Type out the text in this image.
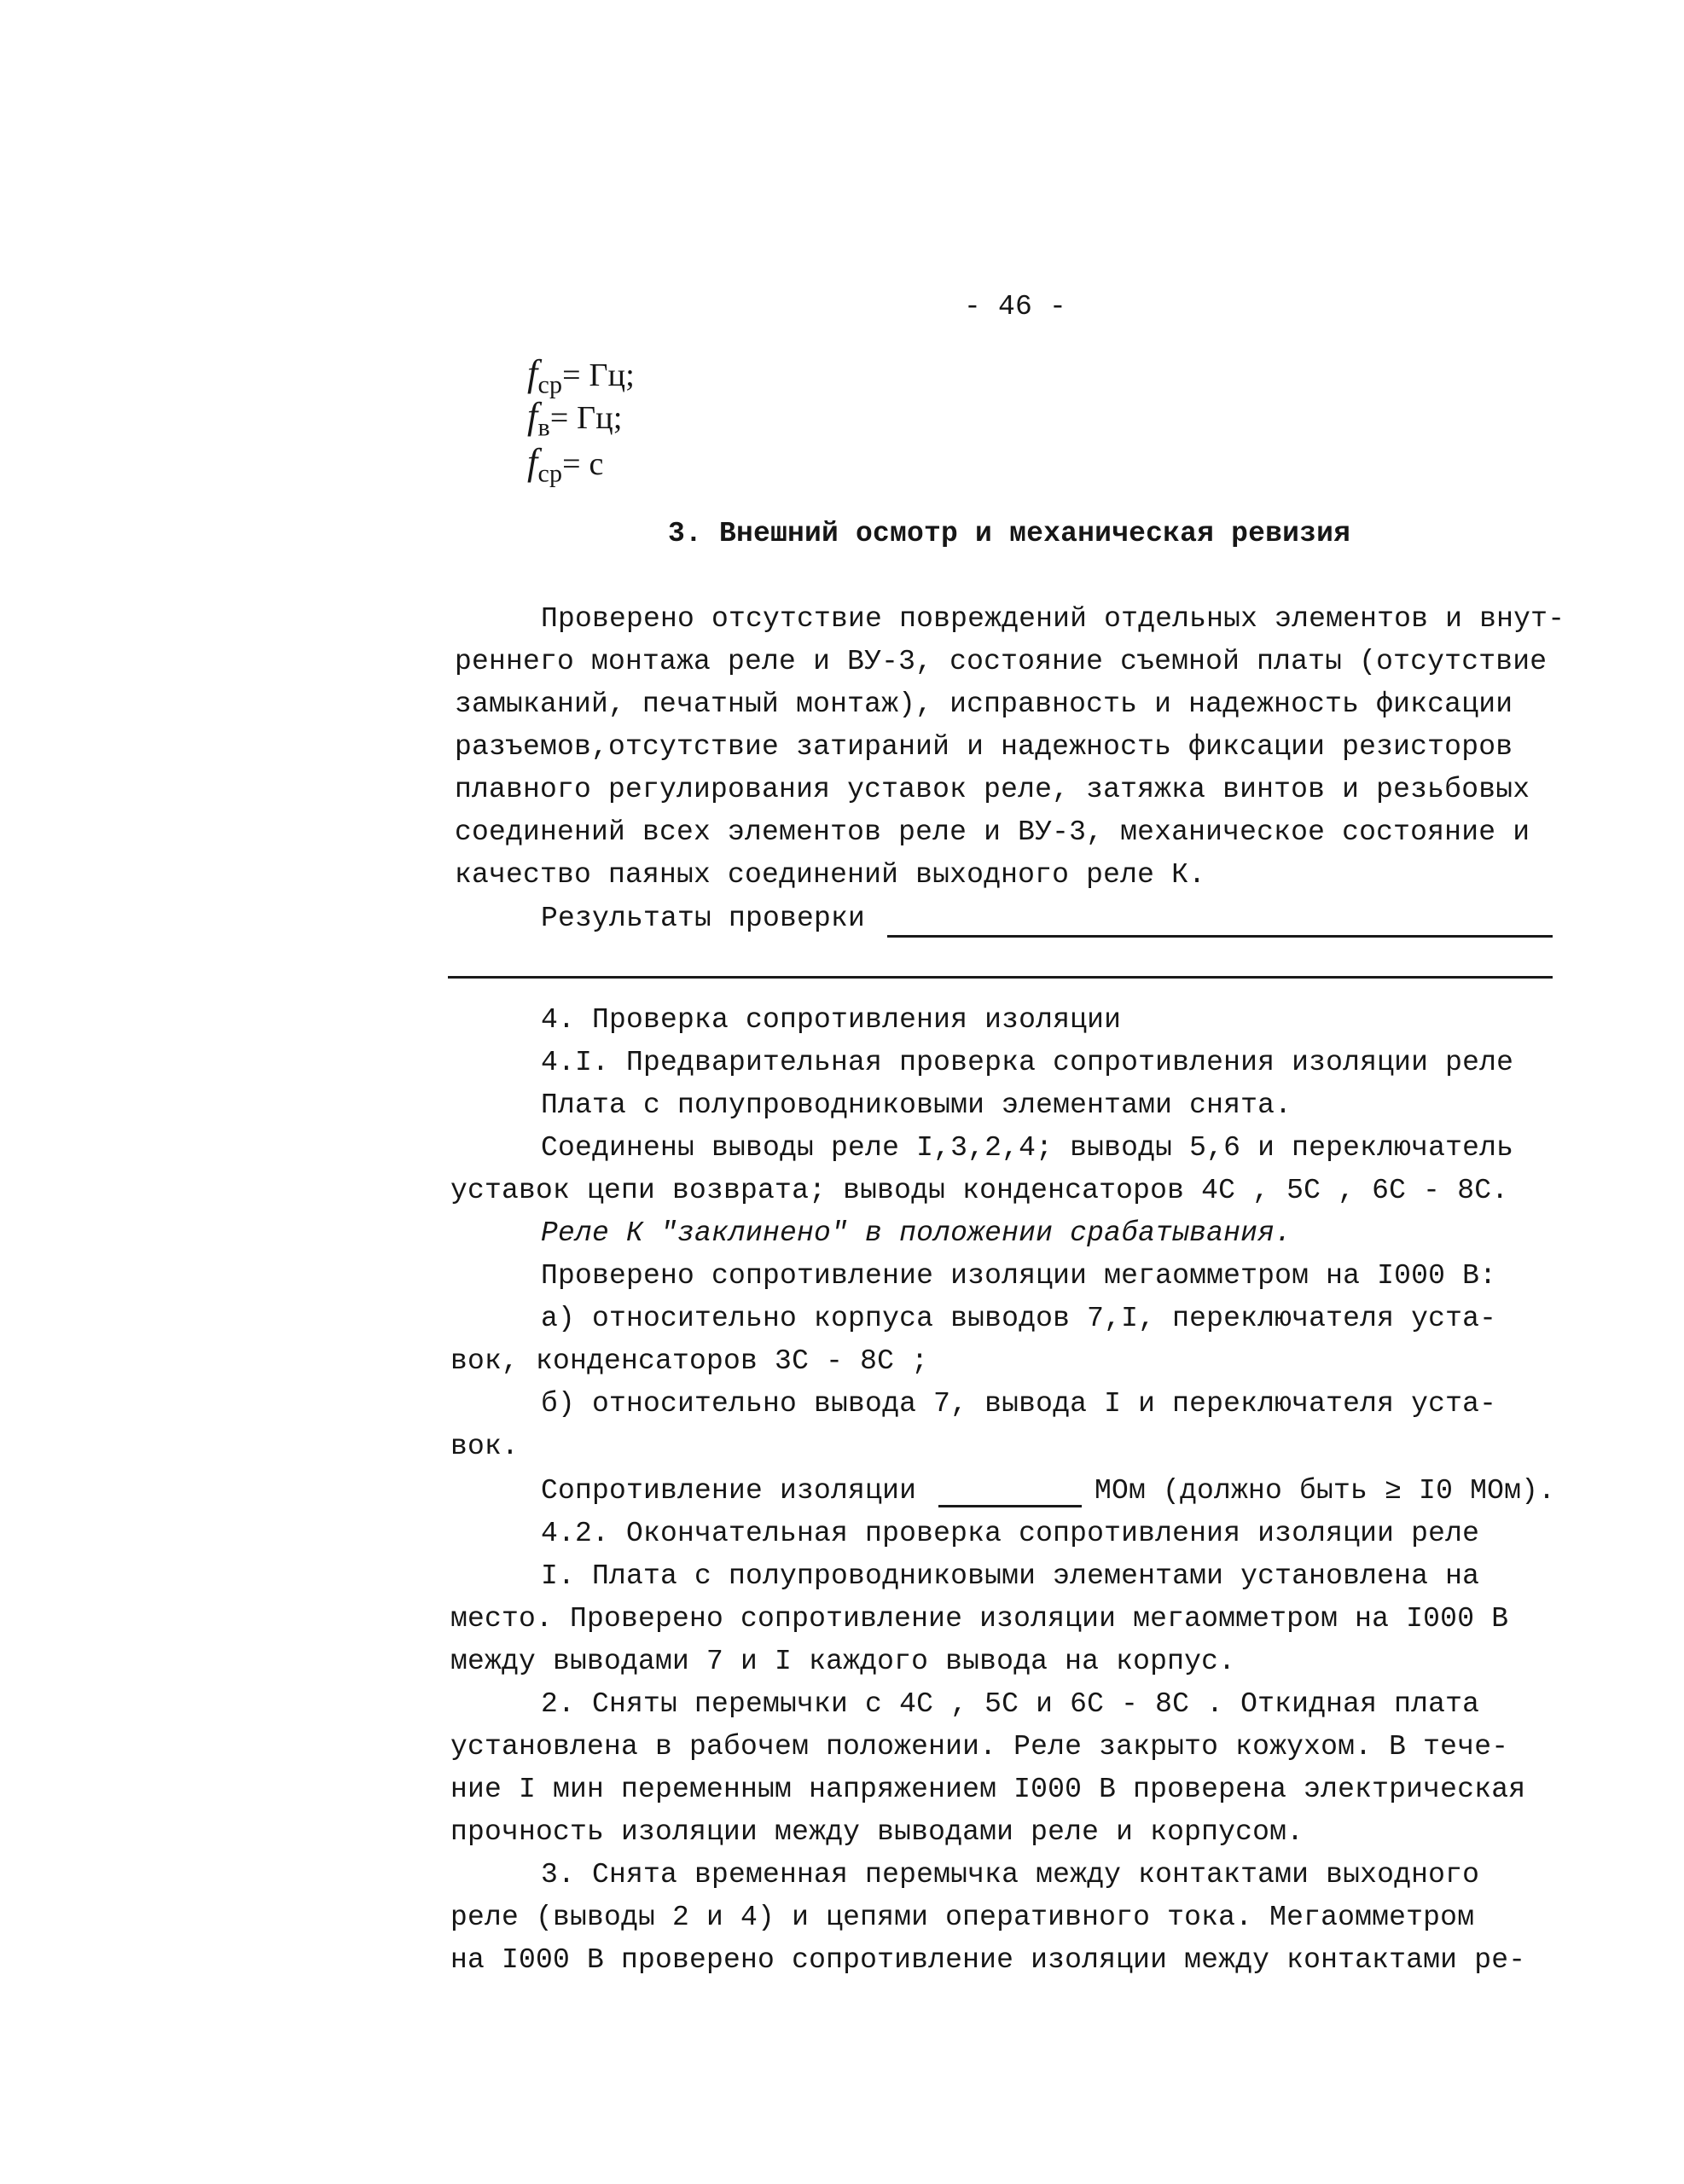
- 46 -
$f_{ср}=$ Гц;
$f_в=$ Гц;
$f_{ср}= с$
3. Внешний осмотр и механическая ревизия
Проверено отсутствие повреждений отдельных элементов и внут-
реннего монтажа реле и ВУ-3, состояние съемной платы (отсутствие
замыканий, печатный монтаж), исправность и надежность фиксации
разъемов,отсутствие затираний и надежность фиксации резисторов
плавного регулирования уставок реле, затяжка винтов и резьбовых
соединений всех элементов реле и ВУ-3, механическое состояние и
качество паяных соединений выходного реле К.
Результаты проверки
4. Проверка сопротивления изоляции
4.I. Предварительная проверка сопротивления изоляции реле
Плата с полупроводниковыми элементами снята.
Соединены выводы реле I,3,2,4; выводы 5,6 и переключатель
уставок цепи возврата; выводы конденсаторов 4С , 5С , 6С - 8С.
Реле К "заклинено" в положении срабатывания.
Проверено сопротивление изоляции мегаомметром на I000 В:
а) относительно корпуса выводов 7,I, переключателя уста-
вок, конденсаторов 3С - 8С ;
б) относительно вывода 7, вывода I и переключателя уста-
вок.
Сопротивление изоляции	МОм (должно быть ≥ I0 МОм).
4.2. Окончательная проверка сопротивления изоляции реле
I. Плата с полупроводниковыми элементами установлена на
место. Проверено сопротивление изоляции мегаомметром на I000 В
между выводами 7 и I каждого вывода на корпус.
2. Сняты перемычки с 4С , 5С и 6С - 8С . Откидная плата
установлена в рабочем положении. Реле закрыто кожухом. В тече-
ние I мин переменным напряжением I000 В проверена электрическая
прочность изоляции между выводами реле и корпусом.
3. Снята временная перемычка между контактами выходного
реле (выводы 2 и 4) и цепями оперативного тока. Мегаомметром
на I000 В проверено сопротивление изоляции между контактами ре-
